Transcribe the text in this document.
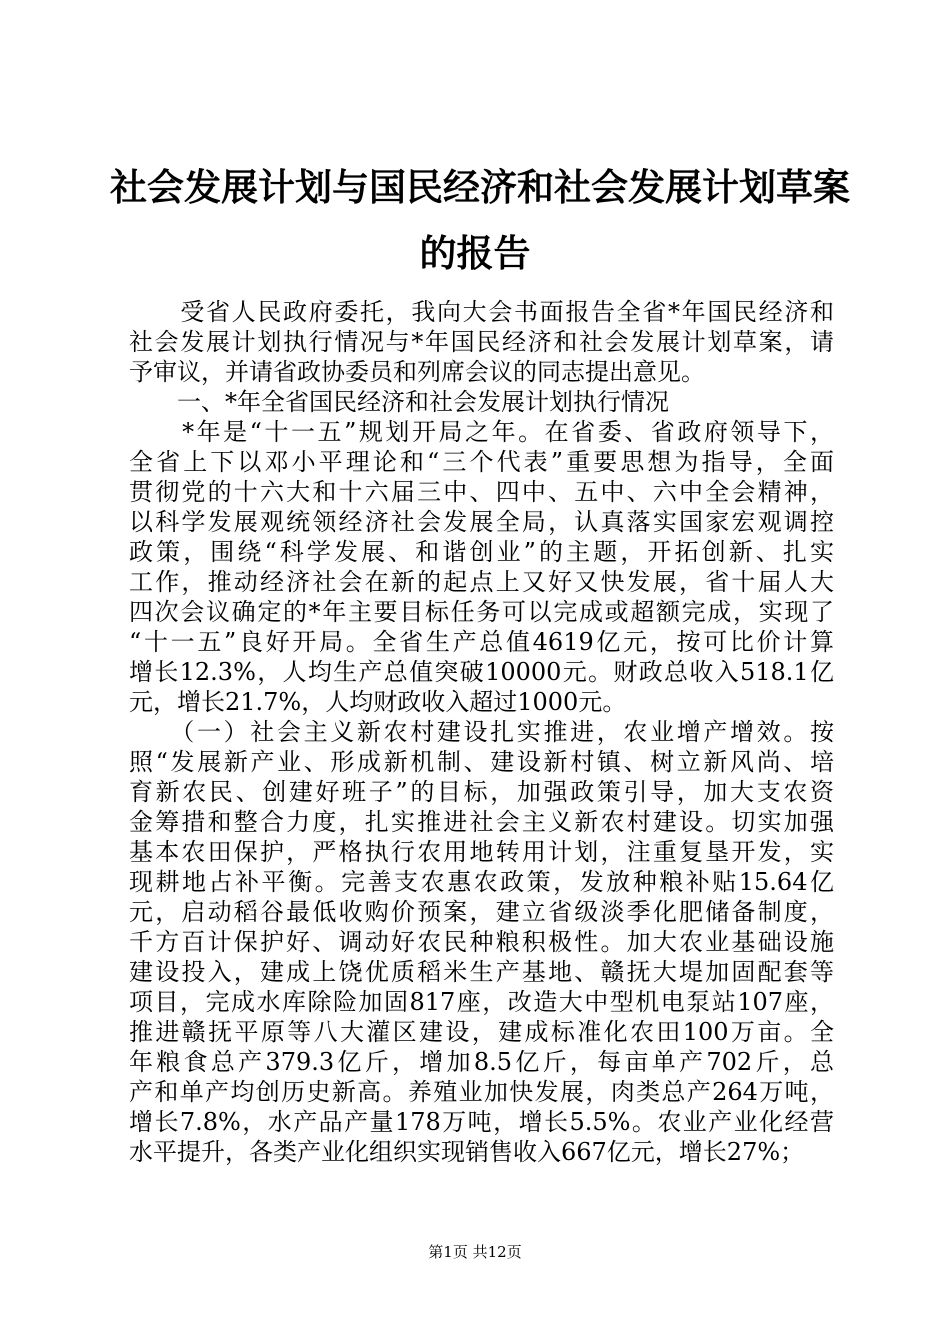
社会发展计划与国民经济和社会发展计划草案
的报告
　　受省人民政府委托，我向大会书面报告全省*年国民经济和
社会发展计划执行情况与*年国民经济和社会发展计划草案，请
予审议，并请省政协委员和列席会议的同志提出意见。
　　一、*年全省国民经济和社会发展计划执行情况
　　*年是“十一五”规划开局之年。在省委、省政府领导下，
全省上下以邓小平理论和“三个代表”重要思想为指导，全面
贯彻党的十六大和十六届三中、四中、五中、六中全会精神，
以科学发展观统领经济社会发展全局，认真落实国家宏观调控
政策，围绕“科学发展、和谐创业”的主题，开拓创新、扎实
工作，推动经济社会在新的起点上又好又快发展，省十届人大
四次会议确定的*年主要目标任务可以完成或超额完成，实现了
“十一五”良好开局。全省生产总值4619亿元，按可比价计算
增长12.3%，人均生产总值突破10000元。财政总收入518.1亿
元，增长21.7%，人均财政收入超过1000元。
　　（一）社会主义新农村建设扎实推进，农业增产增效。按
照“发展新产业、形成新机制、建设新村镇、树立新风尚、培
育新农民、创建好班子”的目标，加强政策引导，加大支农资
金筹措和整合力度，扎实推进社会主义新农村建设。切实加强
基本农田保护，严格执行农用地转用计划，注重复垦开发，实
现耕地占补平衡。完善支农惠农政策，发放种粮补贴15.64亿
元，启动稻谷最低收购价预案，建立省级淡季化肥储备制度，
千方百计保护好、调动好农民种粮积极性。加大农业基础设施
建设投入，建成上饶优质稻米生产基地、赣抚大堤加固配套等
项目，完成水库除险加固817座，改造大中型机电泵站107座，
推进赣抚平原等八大灌区建设，建成标准化农田100万亩。全
年粮食总产379.3亿斤，增加8.5亿斤，每亩单产702斤，总
产和单产均创历史新高。养殖业加快发展，肉类总产264万吨，
增长7.8%，水产品产量178万吨，增长5.5%。农业产业化经营
水平提升，各类产业化组织实现销售收入667亿元，增长27%；
第1页 共12页
